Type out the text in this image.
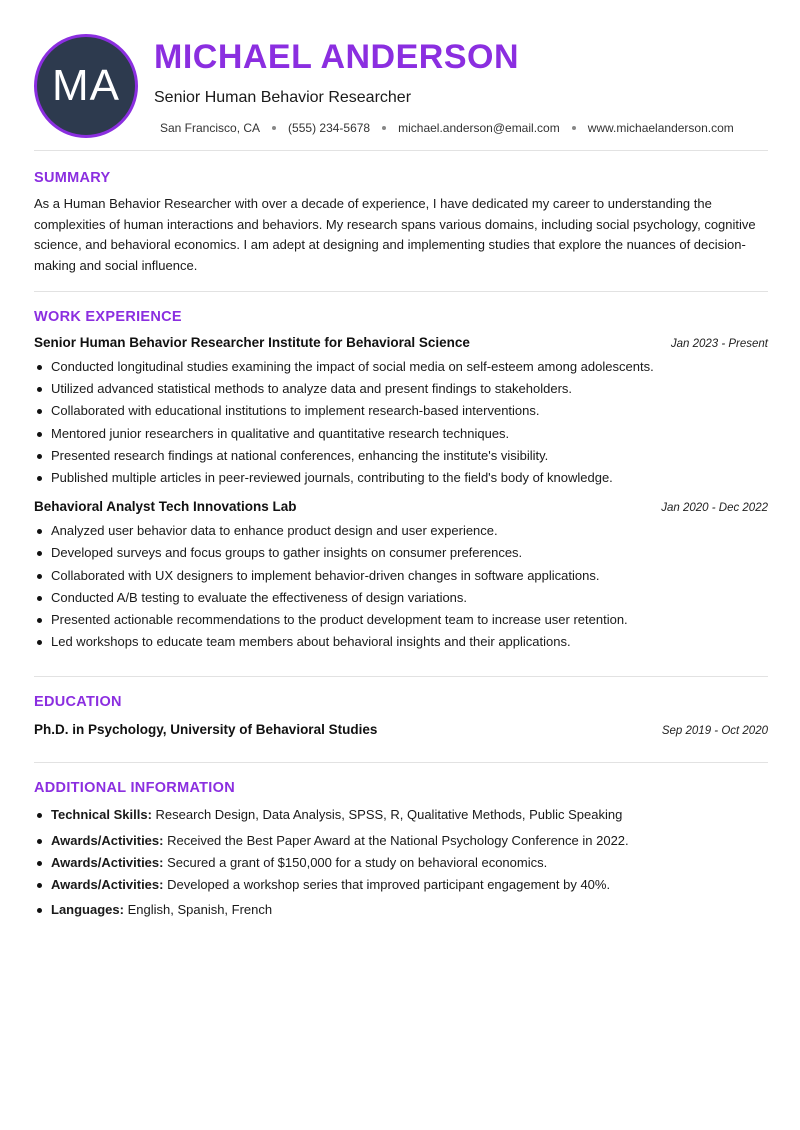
MA
MICHAEL ANDERSON
Senior Human Behavior Researcher
San Francisco, CA (555) 234-5678 michael.anderson@email.com www.michaelanderson.com
SUMMARY
As a Human Behavior Researcher with over a decade of experience, I have dedicated my career to understanding the complexities of human interactions and behaviors. My research spans various domains, including social psychology, cognitive science, and behavioral economics. I am adept at designing and implementing studies that explore the nuances of decision-making and social influence.
WORK EXPERIENCE
Senior Human Behavior Researcher Institute for Behavioral Science	Jan 2023 - Present
Conducted longitudinal studies examining the impact of social media on self-esteem among adolescents.
Utilized advanced statistical methods to analyze data and present findings to stakeholders.
Collaborated with educational institutions to implement research-based interventions.
Mentored junior researchers in qualitative and quantitative research techniques.
Presented research findings at national conferences, enhancing the institute's visibility.
Published multiple articles in peer-reviewed journals, contributing to the field's body of knowledge.
Behavioral Analyst Tech Innovations Lab	Jan 2020 - Dec 2022
Analyzed user behavior data to enhance product design and user experience.
Developed surveys and focus groups to gather insights on consumer preferences.
Collaborated with UX designers to implement behavior-driven changes in software applications.
Conducted A/B testing to evaluate the effectiveness of design variations.
Presented actionable recommendations to the product development team to increase user retention.
Led workshops to educate team members about behavioral insights and their applications.
EDUCATION
Ph.D. in Psychology, University of Behavioral Studies	Sep 2019 - Oct 2020
ADDITIONAL INFORMATION
Technical Skills: Research Design, Data Analysis, SPSS, R, Qualitative Methods, Public Speaking
Awards/Activities: Received the Best Paper Award at the National Psychology Conference in 2022.
Awards/Activities: Secured a grant of $150,000 for a study on behavioral economics.
Awards/Activities: Developed a workshop series that improved participant engagement by 40%.
Languages: English, Spanish, French
